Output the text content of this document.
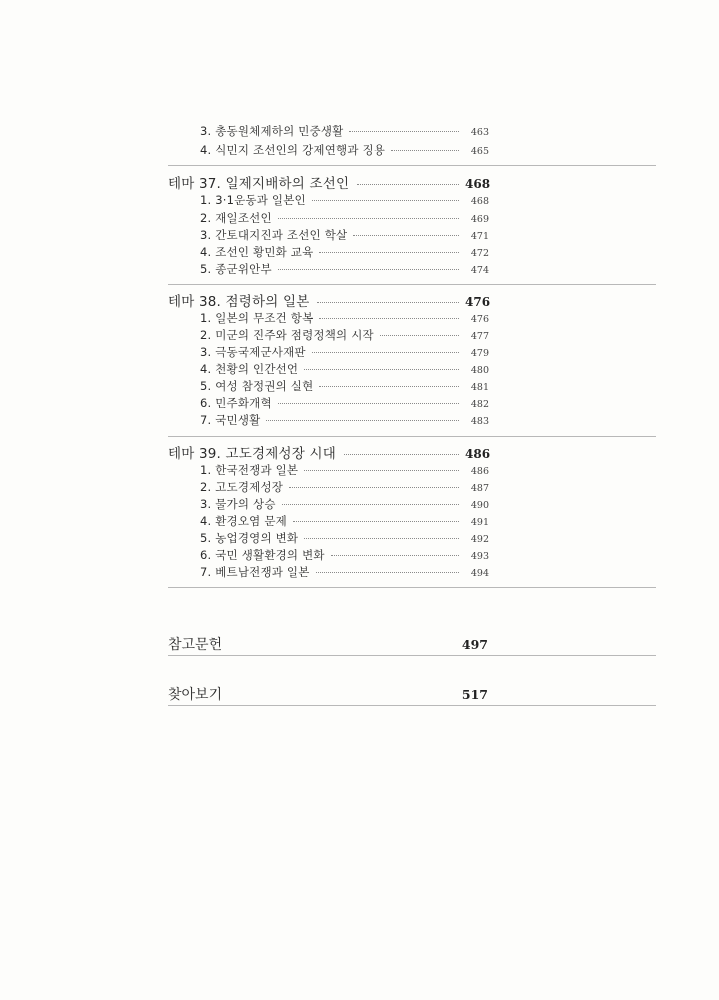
3. 총동원체제하의 민중생활	463
4. 식민지 조선인의 강제연행과 징용	465
테마 37. 일제지배하의 조선인	468
1. 3·1운동과 일본인	468
2. 재일조선인	469
3. 간토대지진과 조선인 학살	471
4. 조선인 황민화 교육	472
5. 종군위안부	474
테마 38. 점령하의 일본	476
1. 일본의 무조건 항복	476
2. 미군의 진주와 점령정책의 시작	477
3. 극동국제군사재판	479
4. 천황의 인간선언	480
5. 여성 참정권의 실현	481
6. 민주화개혁	482
7. 국민생활	483
테마 39. 고도경제성장 시대	486
1. 한국전쟁과 일본	486
2. 고도경제성장	487
3. 물가의 상승	490
4. 환경오염 문제	491
5. 농업경영의 변화	492
6. 국민 생활환경의 변화	493
7. 베트남전쟁과 일본	494
참고문헌	497
찾아보기	517
